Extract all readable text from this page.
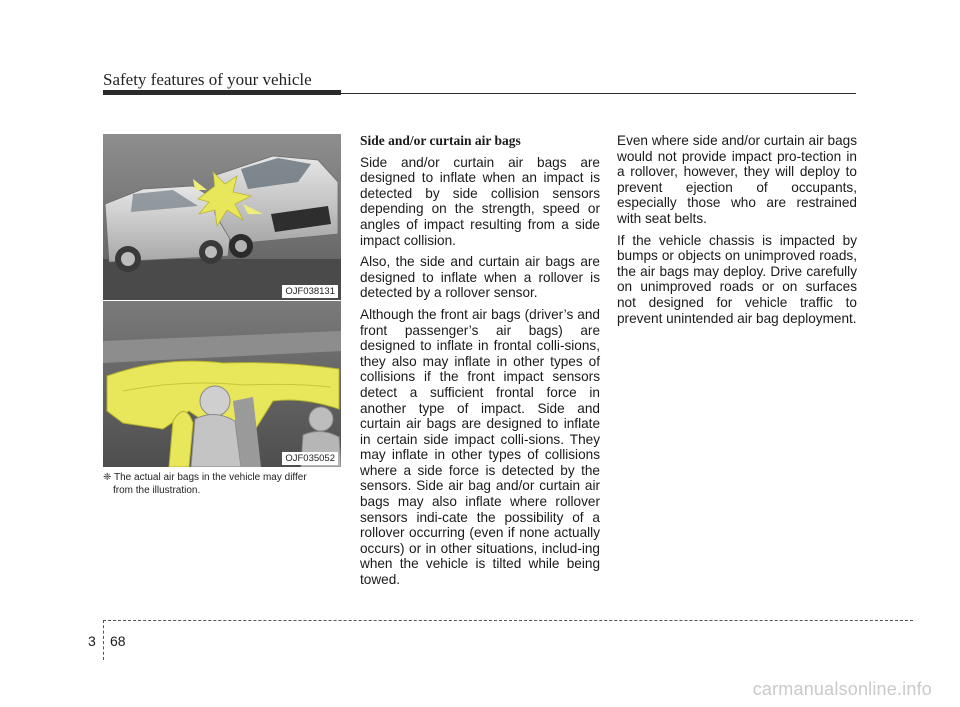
Safety features of your vehicle
OJF038131
OJF035052
❈ The actual air bags in the vehicle may differ
from the illustration.
Side and/or curtain air bags

Side and/or curtain air bags are designed to inflate when an impact is detected by side collision sensors depending on the strength, speed or angles of impact resulting from a side impact collision.

Also, the side and curtain air bags are designed to inflate when a rollover is detected by a rollover sensor.

Although the front air bags (driver’s and front passenger’s air bags) are designed to inflate in frontal colli-sions, they also may inflate in other types of collisions if the front impact sensors detect a sufficient frontal force in another type of impact. Side and curtain air bags are designed to inflate in certain side impact colli-sions. They may inflate in other types of collisions where a side force is detected by the sensors. Side air bag and/or curtain air bags may also inflate where rollover sensors indi-cate the possibility of a rollover occurring (even if none actually occurs) or in other situations, includ-ing when the vehicle is tilted while being towed.

Even where side and/or curtain air bags would not provide impact pro-tection in a rollover, however, they will deploy to prevent ejection of occupants, especially those who are restrained with seat belts.

If the vehicle chassis is impacted by bumps or objects on unimproved roads, the air bags may deploy. Drive carefully on unimproved roads or on surfaces not designed for vehicle traffic to prevent unintended air bag deployment.

3 68
carmanualsonline.info
